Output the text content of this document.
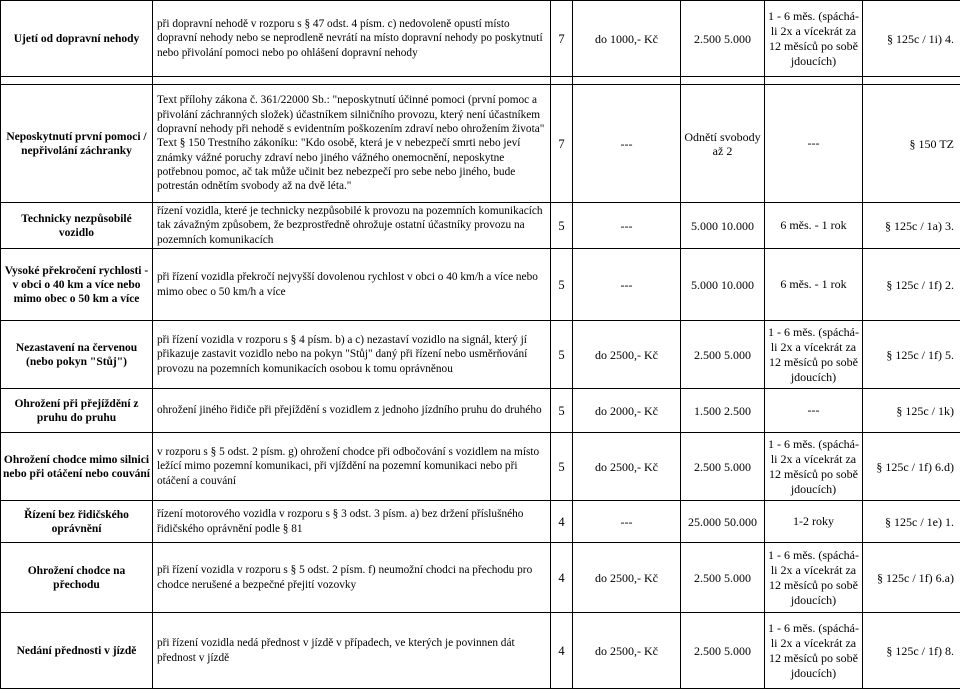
Ujetí od dopravní nehody	při dopravní nehodě v rozporu s § 47 odst. 4 písm. c) nedovoleně opustí místo dopravní nehody nebo se neprodleně nevrátí na místo dopravní nehody po poskytnutí nebo přivolání pomoci nebo po ohlášení dopravní nehody	7	do 1000,- Kč	2.500 5.000	1 - 6 měs. (spáchá-li 2x a vícekrát za 12 měsíců po sobě jdoucích)	§ 125c / 1i) 4.

Neposkytnutí první pomoci / nepřivolání záchranky	Text přílohy zákona č. 361/22000 Sb.: "neposkytnutí účinné pomoci (první pomoc a přivolání záchranných složek) účastníkem silničního provozu, který není účastníkem dopravní nehody při nehodě s evidentním poškozením zdraví nebo ohrožením života" Text § 150 Trestního zákoníku: "Kdo osobě, která je v nebezpečí smrti nebo jeví známky vážné poruchy zdraví nebo jiného vážného onemocnění, neposkytne potřebnou pomoc, ač tak může učinit bez nebezpečí pro sebe nebo jiného, bude potrestán odnětím svobody až na dvě léta."	7	---	Odnětí svobody až 2	---	§ 150 TZ
Technicky nezpůsobilé vozidlo	řízení vozidla, které je technicky nezpůsobilé k provozu na pozemních komunikacích tak závažným způsobem, že bezprostředně ohrožuje ostatní účastníky provozu na pozemních komunikacích	5	---	5.000 10.000	6 měs. - 1 rok	§ 125c / 1a) 3.
Vysoké překročení rychlosti - v obci o 40 km a více nebo mimo obec o 50 km a více	při řízení vozidla překročí nejvyšší dovolenou rychlost v obci o 40 km/h a více nebo mimo obec o 50 km/h a více	5	---	5.000 10.000	6 měs. - 1 rok	§ 125c / 1f) 2.
Nezastavení na červenou (nebo pokyn "Stůj")	při řízení vozidla v rozporu s § 4 písm. b) a c) nezastaví vozidlo na signál, který jí přikazuje zastavit vozidlo nebo na pokyn "Stůj" daný při řízení nebo usměrňování provozu na pozemních komunikacích osobou k tomu oprávněnou	5	do 2500,- Kč	2.500 5.000	1 - 6 měs. (spáchá-li 2x a vícekrát za 12 měsíců po sobě jdoucích)	§ 125c / 1f) 5.
Ohrožení při přejíždění z pruhu do pruhu	ohrožení jiného řidiče při přejíždění s vozidlem z jednoho jízdního pruhu do druhého	5	do 2000,- Kč	1.500 2.500	---	§ 125c / 1k)
Ohrožení chodce mimo silnici nebo při otáčení nebo couvání	v rozporu s § 5 odst. 2 písm. g) ohrožení chodce při odbočování s vozidlem na místo ležící mimo pozemní komunikaci, při vjíždění na pozemní komunikaci nebo při otáčení a couvání	5	do 2500,- Kč	2.500 5.000	1 - 6 měs. (spáchá-li 2x a vícekrát za 12 měsíců po sobě jdoucích)	§ 125c / 1f) 6.d)
Řízení bez řidičského oprávnění	řízení motorového vozidla v rozporu s § 3 odst. 3 písm. a) bez držení příslušného řidičského oprávnění podle § 81	4	---	25.000 50.000	1-2 roky	§ 125c / 1e) 1.
Ohrožení chodce na přechodu	při řízení vozidla v rozporu s § 5 odst. 2 písm. f) neumožní chodci na přechodu pro chodce nerušené a bezpečné přejití vozovky	4	do 2500,- Kč	2.500 5.000	1 - 6 měs. (spáchá-li 2x a vícekrát za 12 měsíců po sobě jdoucích)	§ 125c / 1f) 6.a)
Nedání přednosti v jízdě	při řízení vozidla nedá přednost v jízdě v případech, ve kterých je povinnen dát přednost v jízdě	4	do 2500,- Kč	2.500 5.000	1 - 6 měs. (spáchá-li 2x a vícekrát za 12 měsíců po sobě jdoucích)	§ 125c / 1f) 8.
